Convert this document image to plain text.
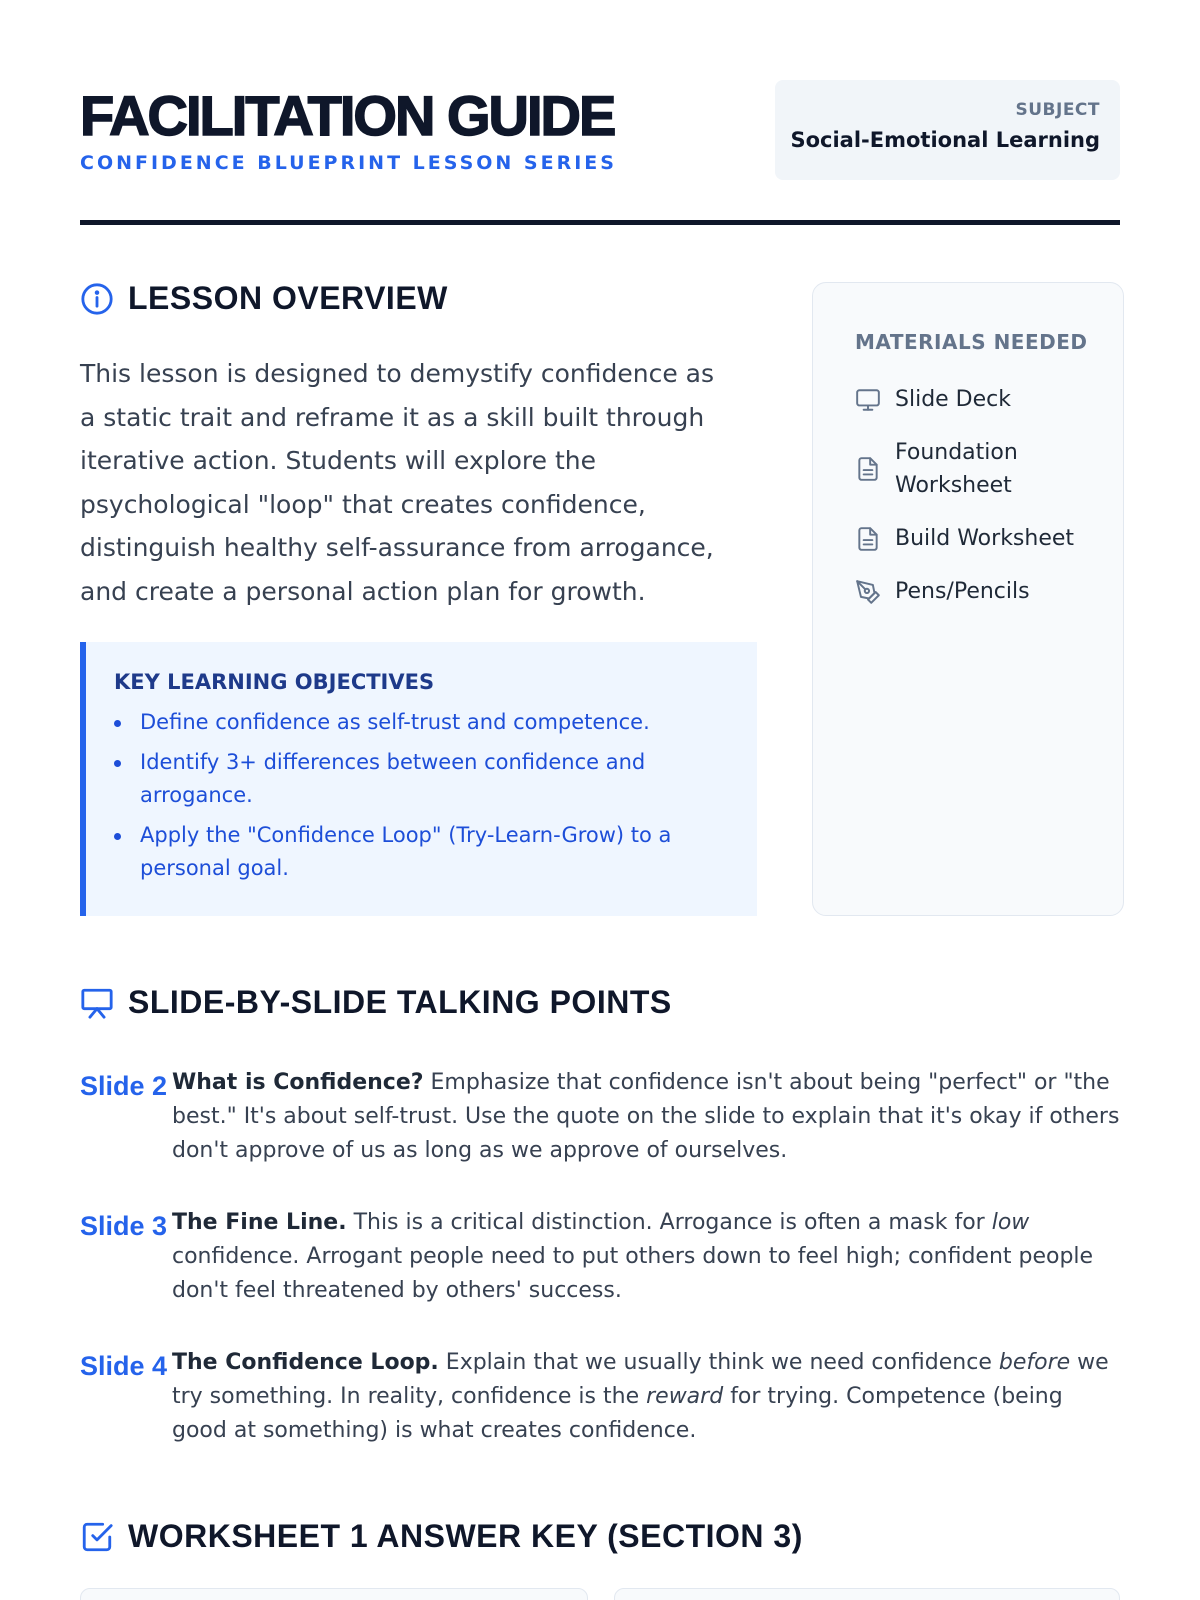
FACILITATION GUIDE
CONFIDENCE BLUEPRINT LESSON SERIES
SUBJECT
Social-Emotional Learning
LESSON OVERVIEW

This lesson is designed to demystify confidence as a static trait and reframe it as a skill built through iterative action. Students will explore the psychological "loop" that creates confidence, distinguish healthy self-assurance from arrogance, and create a personal action plan for growth.

KEY LEARNING OBJECTIVES
Define confidence as self-trust and competence.
Identify 3+ differences between confidence and arrogance.
Apply the "Confidence Loop" (Try-Learn-Grow) to a personal goal.
MATERIALS NEEDED
Slide Deck
Foundation Worksheet
Build Worksheet
Pens/Pencils
SLIDE-BY-SLIDE TALKING POINTS
Slide 2 What is Confidence? Emphasize that confidence isn't about being "perfect" or "the best." It's about self-trust. Use the quote on the slide to explain that it's okay if others don't approve of us as long as we approve of ourselves.
Slide 3 The Fine Line. This is a critical distinction. Arrogance is often a mask for low confidence. Arrogant people need to put others down to feel high; confident people don't feel threatened by others' success.
Slide 4 The Confidence Loop. Explain that we usually think we need confidence before we try something. In reality, confidence is the reward for trying. Competence (being good at something) is what creates confidence.
WORKSHEET 1 ANSWER KEY (SECTION 3)
